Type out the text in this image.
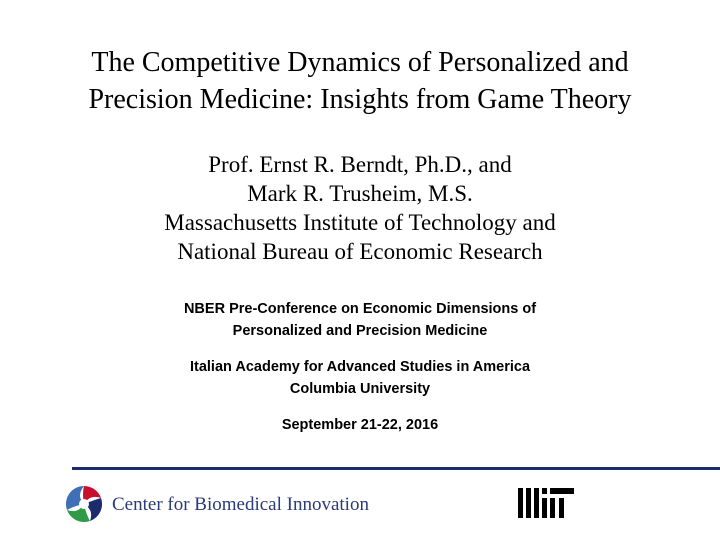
The Competitive Dynamics of Personalized and
Precision Medicine: Insights from Game Theory
Prof. Ernst R. Berndt, Ph.D., and
Mark R. Trusheim, M.S.
Massachusetts Institute of Technology and
National Bureau of Economic Research
NBER Pre-Conference on Economic Dimensions of
Personalized and Precision Medicine
Italian Academy for Advanced Studies in America
Columbia University
September 21-22, 2016
Center for Biomedical Innovation
